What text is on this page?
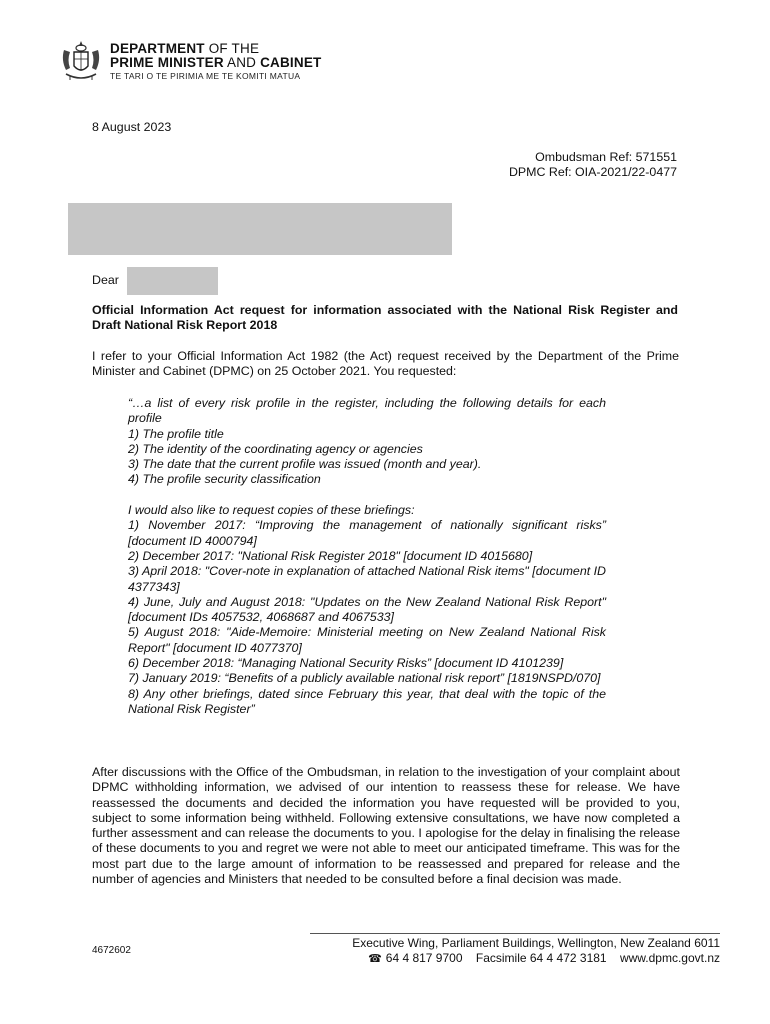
DEPARTMENT OF THE
PRIME MINISTER AND CABINET
TE TARI O TE PIRIMIA ME TE KOMITI MATUA
8 August 2023
Ombudsman Ref: 571551
DPMC Ref: OIA-2021/22-0477
Dear
Official Information Act request for information associated with the National Risk Register and Draft National Risk Report 2018
I refer to your Official Information Act 1982 (the Act) request received by the Department of the Prime Minister and Cabinet (DPMC) on 25 October 2021. You requested:
“…a list of every risk profile in the register, including the following details for each profile
1) The profile title
2) The identity of the coordinating agency or agencies
3) The date that the current profile was issued (month and year).
4) The profile security classification
I would also like to request copies of these briefings:
1) November 2017: “Improving the management of nationally significant risks” [document ID 4000794]
2) December 2017: "National Risk Register 2018" [document ID 4015680]
3) April 2018: "Cover-note in explanation of attached National Risk items" [document ID 4377343]
4) June, July and August 2018: "Updates on the New Zealand National Risk Report" [document IDs 4057532, 4068687 and 4067533]
5) August 2018: "Aide-Memoire: Ministerial meeting on New Zealand National Risk Report" [document ID 4077370]
6) December 2018: “Managing National Security Risks” [document ID 4101239]
7) January 2019: “Benefits of a publicly available national risk report” [1819NSPD/070]
8) Any other briefings, dated since February this year, that deal with the topic of the National Risk Register”
After discussions with the Office of the Ombudsman, in relation to the investigation of your complaint about DPMC withholding information, we advised of our intention to reassess these for release. We have reassessed the documents and decided the information you have requested will be provided to you, subject to some information being withheld. Following extensive consultations, we have now completed a further assessment and can release the documents to you. I apologise for the delay in finalising the release of these documents to you and regret we were not able to meet our anticipated timeframe. This was for the most part due to the large amount of information to be reassessed and prepared for release and the number of agencies and Ministers that needed to be consulted before a final decision was made.
4672602
Executive Wing, Parliament Buildings, Wellington, New Zealand 6011
☎ 64 4 817 9700 Facsimile 64 4 472 3181 www.dpmc.govt.nz
